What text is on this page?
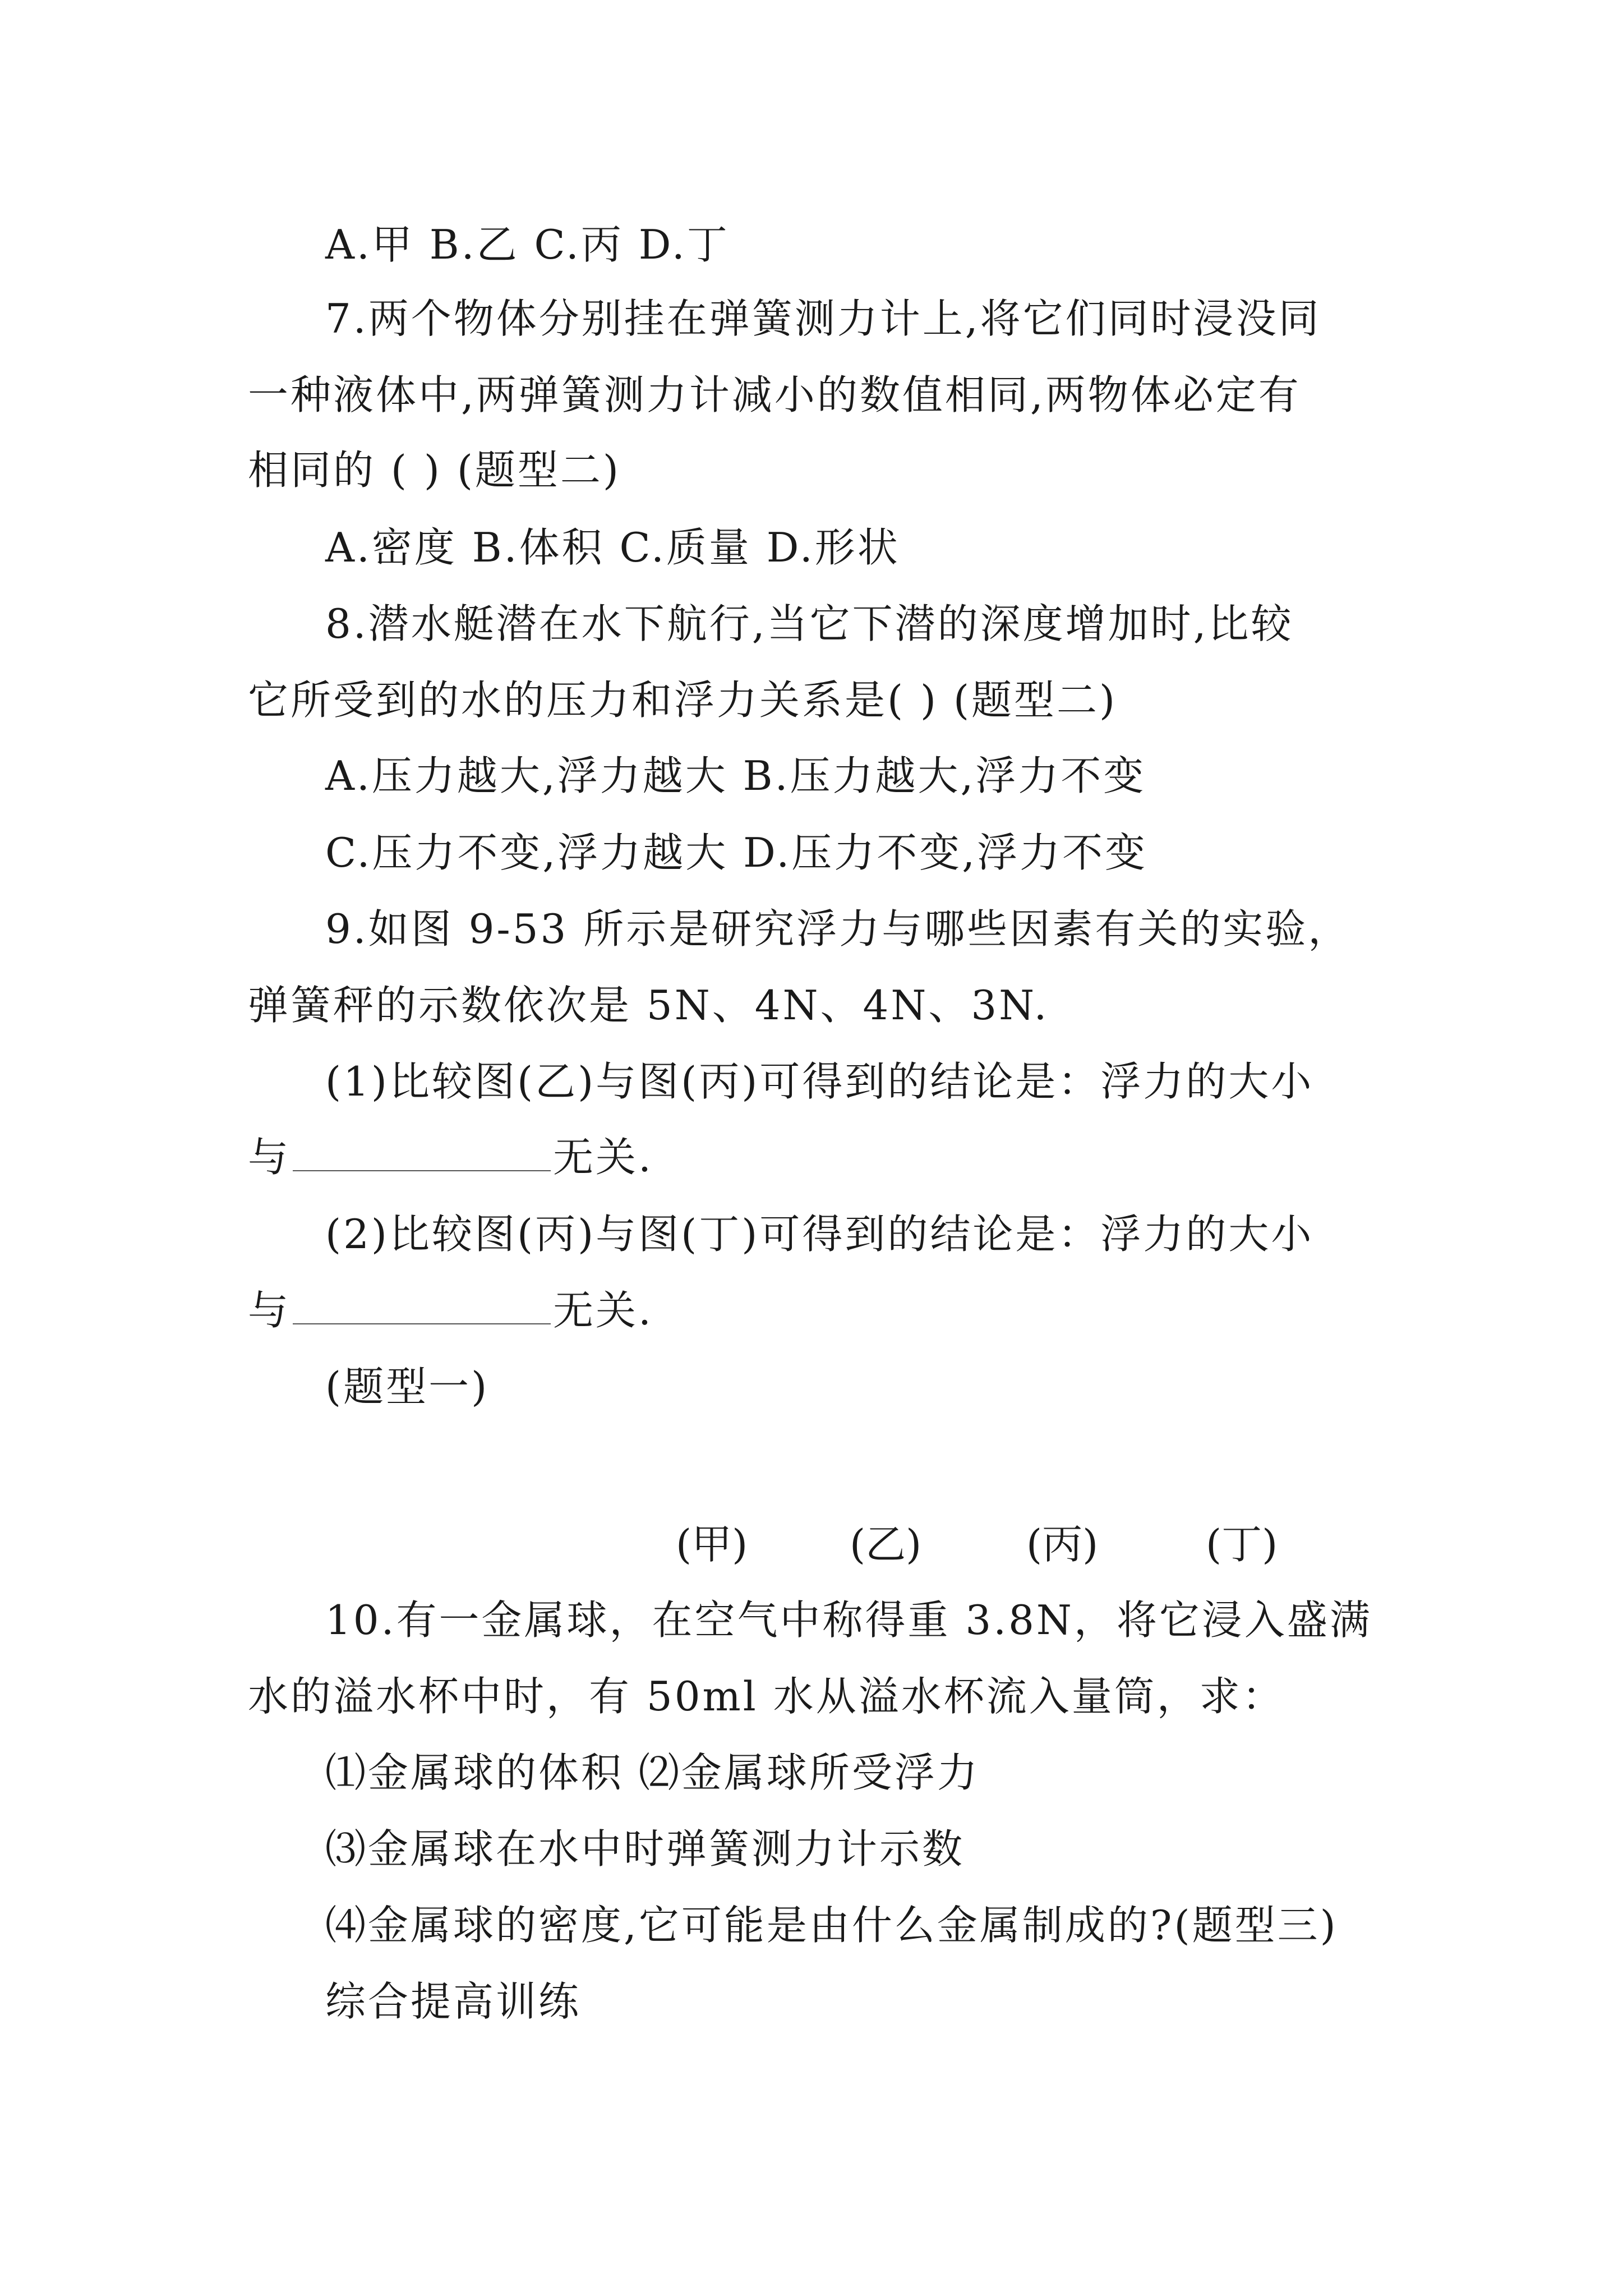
A.甲 B.乙 C.丙 D.丁
7.两个物体分别挂在弹簧测力计上,将它们同时浸没同
一种液体中,两弹簧测力计减小的数值相同,两物体必定有
相同的 ( ) (题型二)
A.密度 B.体积 C.质量 D.形状
8.潜水艇潜在水下航行,当它下潜的深度增加时,比较
它所受到的水的压力和浮力关系是( ) (题型二)
A.压力越大,浮力越大 B.压力越大,浮力不变
C.压力不变,浮力越大 D.压力不变,浮力不变
9.如图 9-53 所示是研究浮力与哪些因素有关的实验，
弹簧秤的示数依次是 5N、4N、4N、3N.
(1)比较图(乙)与图(丙)可得到的结论是：浮力的大小
与	无关.
(2)比较图(丙)与图(丁)可得到的结论是：浮力的大小
与	无关.
(题型一)
(甲)	(乙)	(丙)	(丁)
10.有一金属球，在空气中称得重 3.8N，将它浸入盛满
水的溢水杯中时，有 50ml 水从溢水杯流入量筒，求：
⑴金属球的体积 ⑵金属球所受浮力
⑶金属球在水中时弹簧测力计示数
⑷金属球的密度,它可能是由什么金属制成的?(题型三)
综合提高训练
